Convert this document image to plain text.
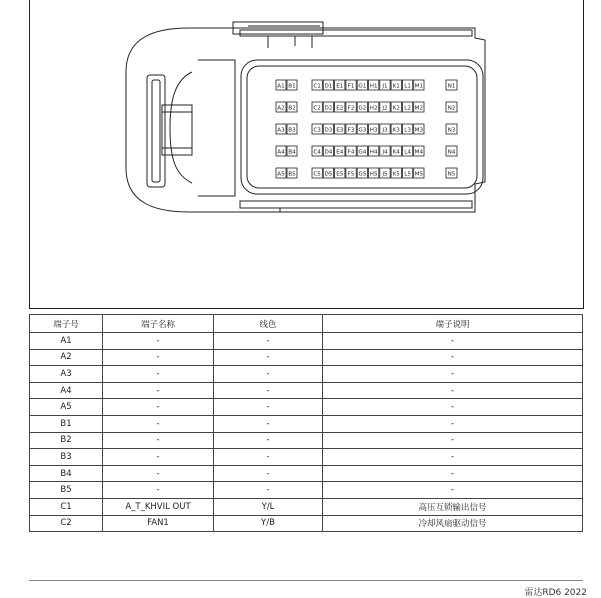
A1 B1	C1 D1 E1 F1 G1 H1 J1 K1 L1 M1	N1
A2 B2	C2 D2 E2 F2 G2 H2 J2 K2 L2 M2	N2
A3 B3	C3 D3 E3 F3 G3 H3 J3 K3 L3 M3	N3
A4 B4	C4 D4 E4 F4 G4 H4 J4 K4 L4 M4	N4
A5 B5	C5 D5 E5 F5 G5 H5 J5 K5 L5 M5	N5
端子号	端子名称	线色	端子说明
A1	-	-	-
A2	-	-	-
A3	-	-	-
A4	-	-	-
A5	-	-	-
B1	-	-	-
B2	-	-	-
B3	-	-	-
B4	-	-	-
B5	-	-	-
C1	A_T_KHVIL OUT	Y/L	高压互锁输出信号
C2	FAN1	Y/B	冷却风扇驱动信号
雷达RD6 2022
